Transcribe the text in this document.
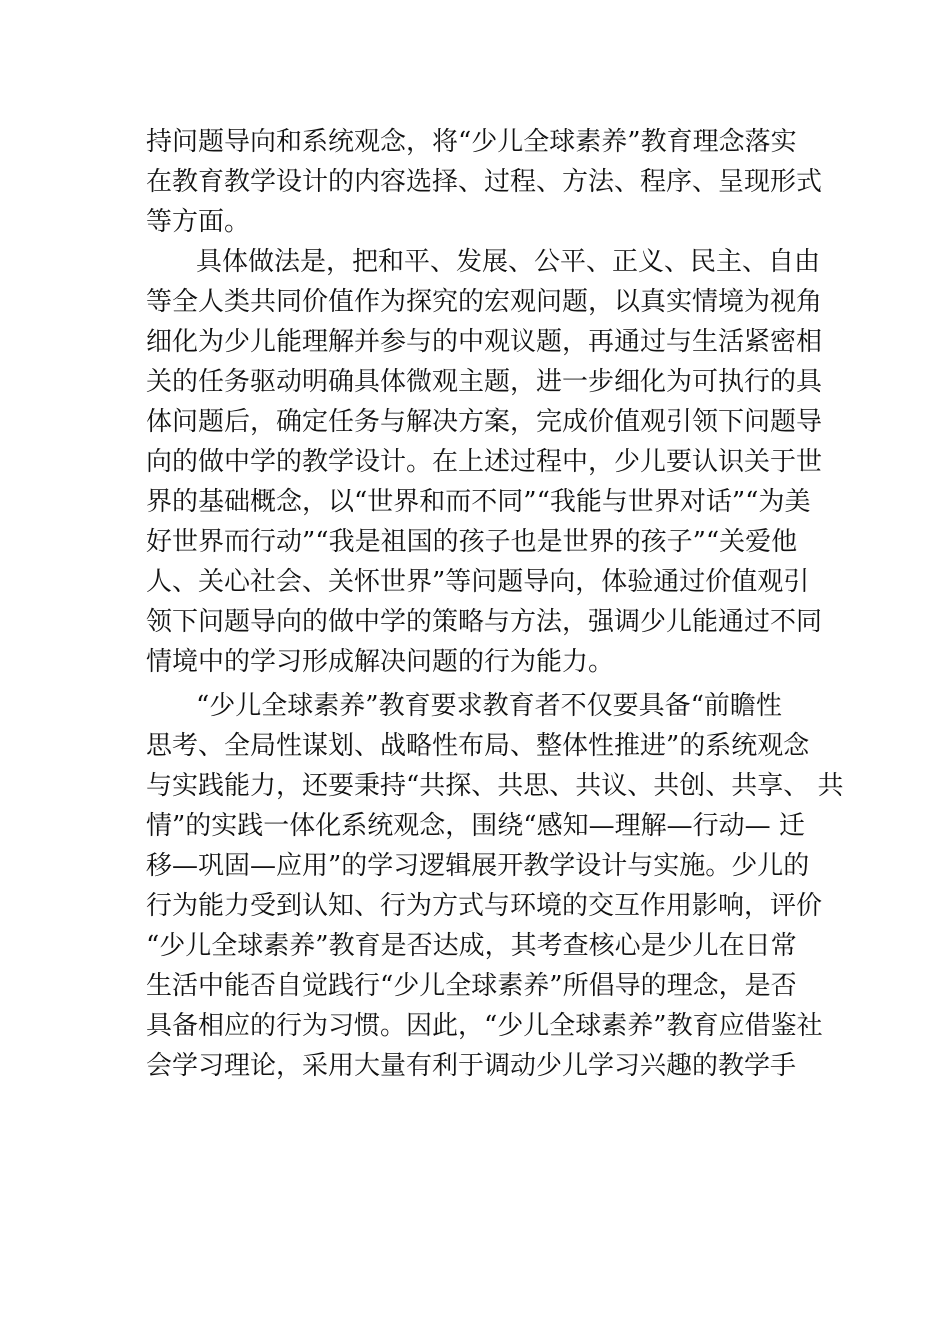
持问题导向和系统观念，将“少儿全球素养”教育理念落实
在教育教学设计的内容选择、过程、方法、程序、呈现形式
等方面。
具体做法是，把和平、发展、公平、正义、民主、自由
等全人类共同价值作为探究的宏观问题，以真实情境为视角
细化为少儿能理解并参与的中观议题，再通过与生活紧密相
关的任务驱动明确具体微观主题，进一步细化为可执行的具
体问题后，确定任务与解决方案，完成价值观引领下问题导
向的做中学的教学设计。在上述过程中，少儿要认识关于世
界的基础概念，以“世界和而不同”“我能与世界对话”“为美
好世界而行动”“我是祖国的孩子也是世界的孩子”“关爱他
人、关心社会、关怀世界”等问题导向，体验通过价值观引
领下问题导向的做中学的策略与方法，强调少儿能通过不同
情境中的学习形成解决问题的行为能力。
“少儿全球素养”教育要求教育者不仅要具备“前瞻性
思考、全局性谋划、战略性布局、整体性推进”的系统观念
与实践能力，还要秉持“共探、共思、共议、共创、共享、 共
情”的实践一体化系统观念，围绕“感知—理解—行动— 迁
移—巩固—应用”的学习逻辑展开教学设计与实施。少儿的
行为能力受到认知、行为方式与环境的交互作用影响，评价
“少儿全球素养”教育是否达成，其考查核心是少儿在日常
生活中能否自觉践行“少儿全球素养”所倡导的理念，是否
具备相应的行为习惯。因此，“少儿全球素养”教育应借鉴社
会学习理论，采用大量有利于调动少儿学习兴趣的教学手
